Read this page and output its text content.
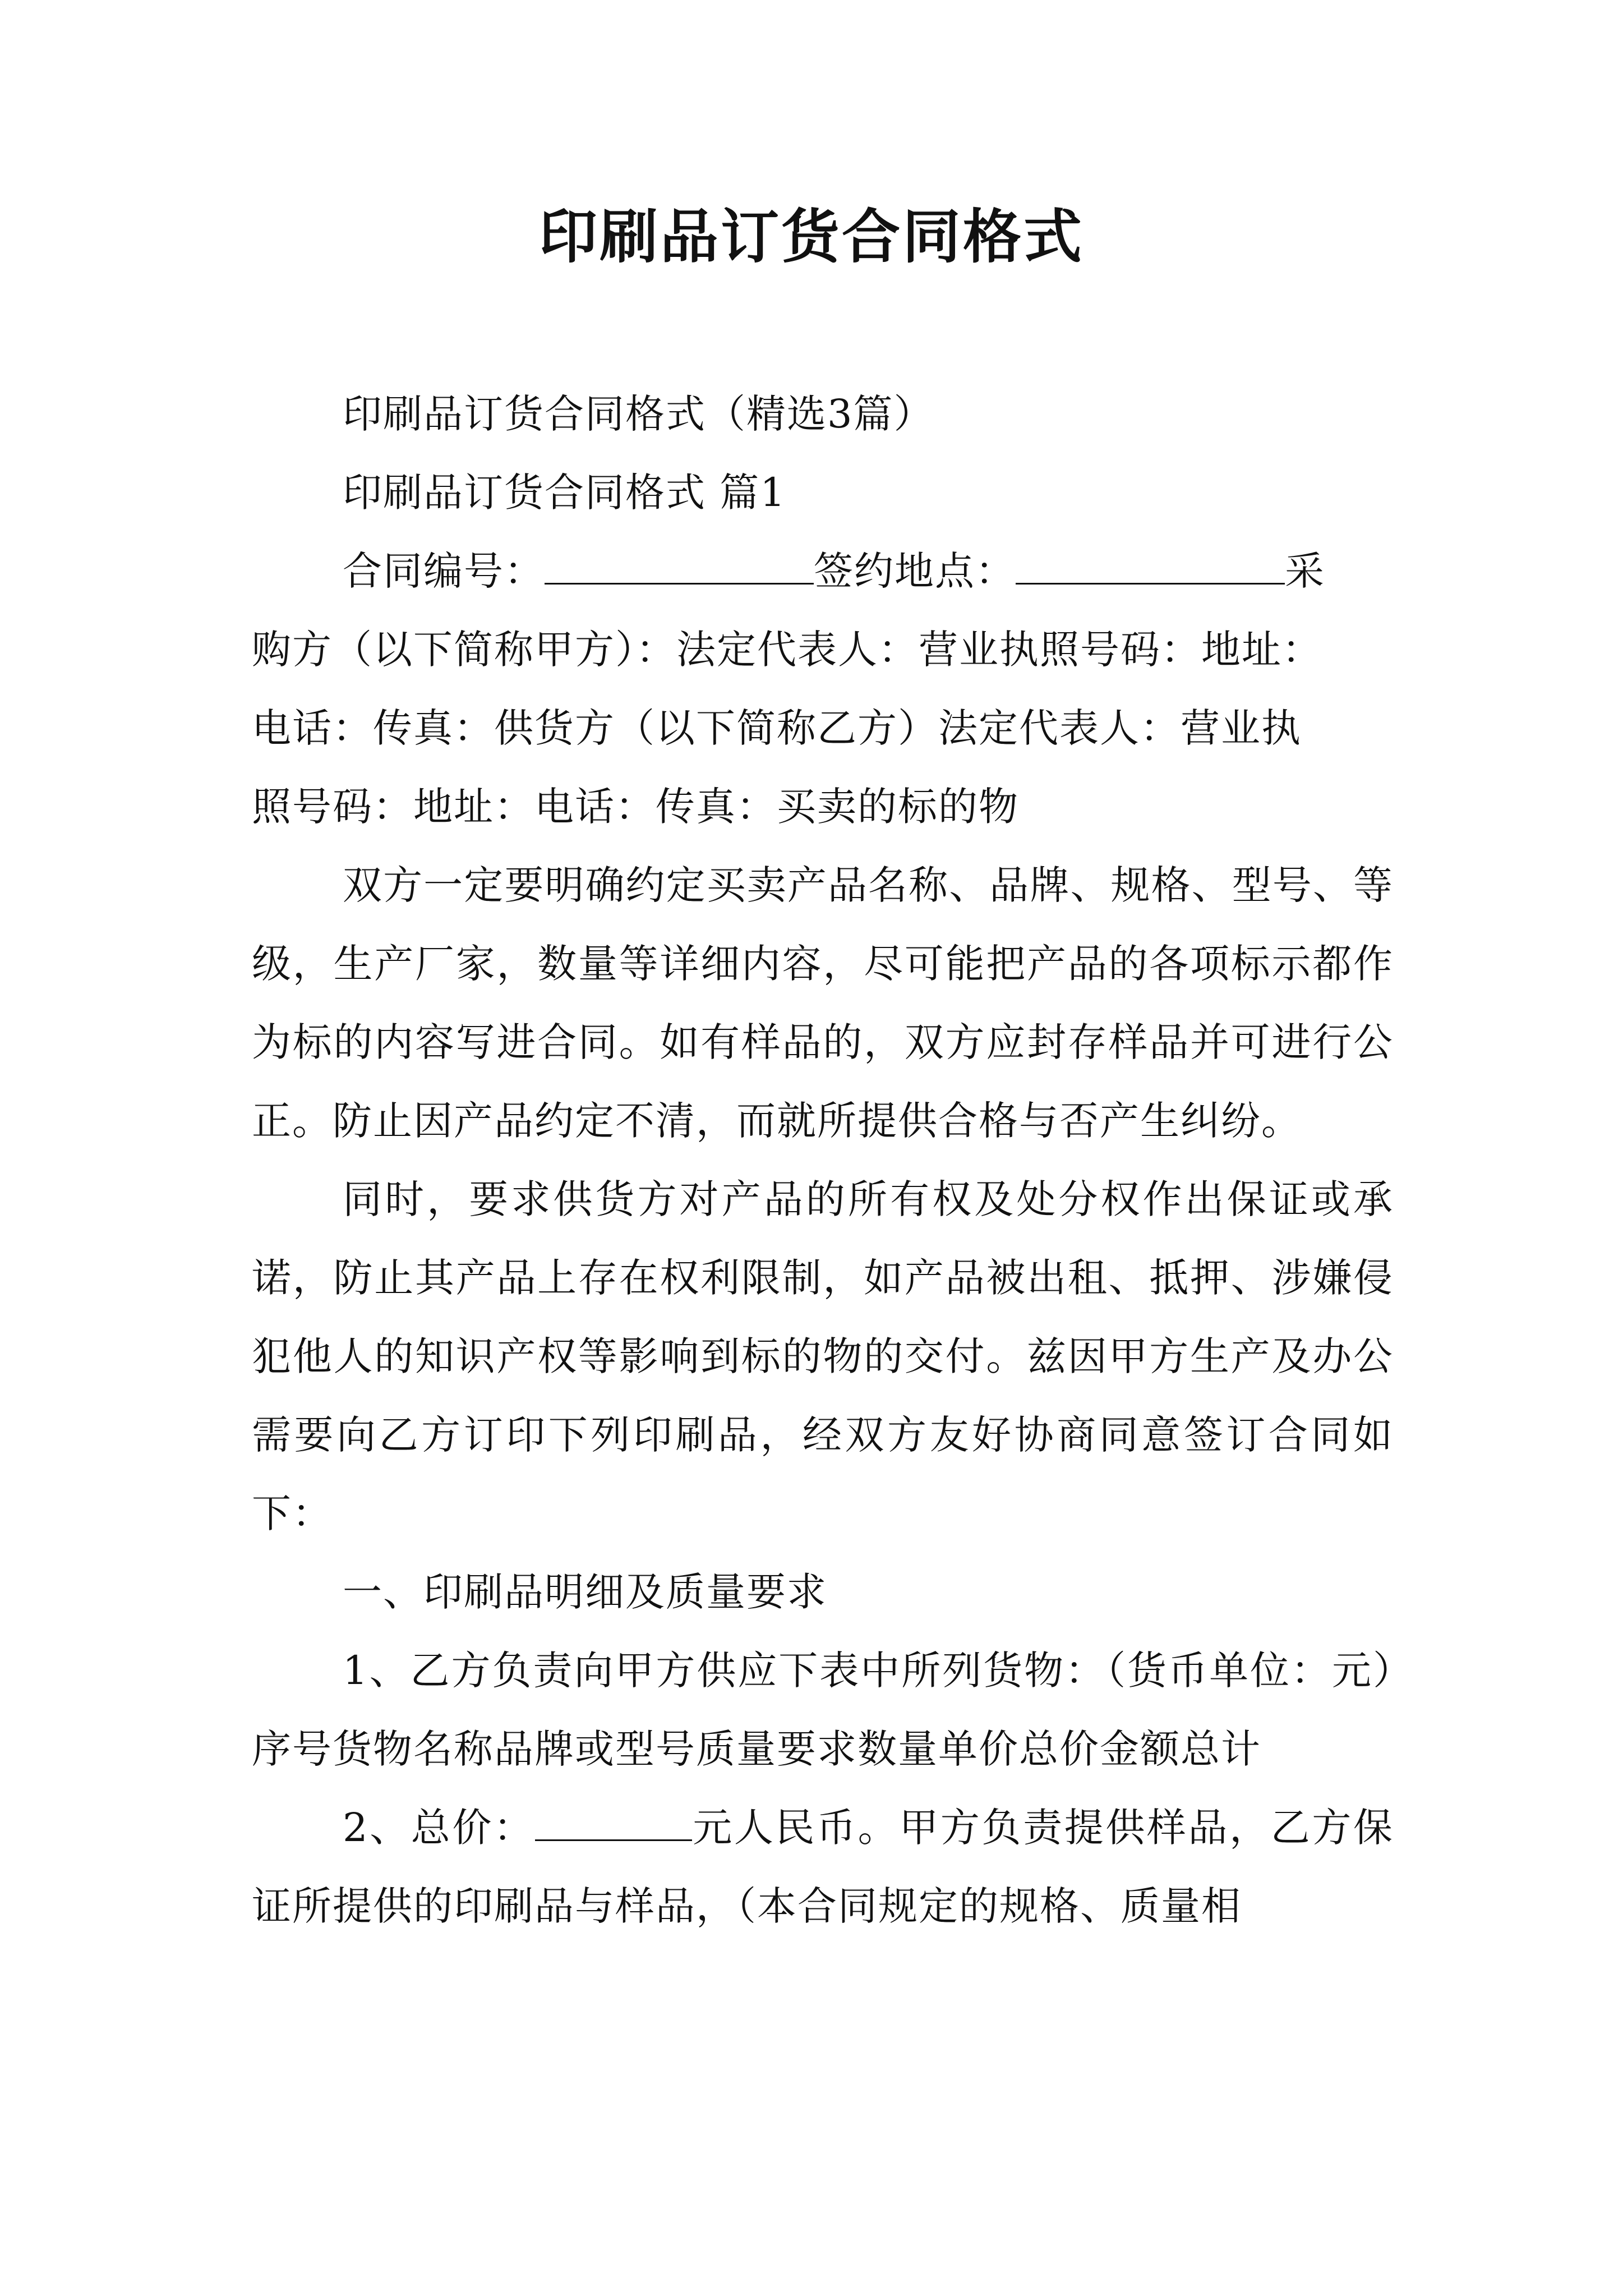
印刷品订货合同格式
印刷品订货合同格式（精选3篇）
印刷品订货合同格式 篇1
合同编号：	签约地点：	采
购方（以下简称甲方）：法定代表人：营业执照号码：地址：
电话：传真：供货方（以下简称乙方）法定代表人：营业执
照号码：地址：电话：传真：买卖的标的物

双方一定要明确约定买卖产品名称、品牌、规格、型号、等级，生产厂家，数量等详细内容，尽可能把产品的各项标示都作为标的内容写进合同。如有样品的，双方应封存样品并可进行公正。防止因产品约定不清，而就所提供合格与否产生纠纷。

同时，要求供货方对产品的所有权及处分权作出保证或承诺，防止其产品上存在权利限制，如产品被出租、抵押、涉嫌侵犯他人的知识产权等影响到标的物的交付。兹因甲方生产及办公需要向乙方订印下列印刷品，经双方友好协商同意签订合同如下：

一、印刷品明细及质量要求

1、乙方负责向甲方供应下表中所列货物：（货币单位：元）序号货物名称品牌或型号质量要求数量单价总价金额总计

2、总价：	元人民币。甲方负责提供样品，乙方保证所提供的印刷品与样品，（本合同规定的规格、质量相
